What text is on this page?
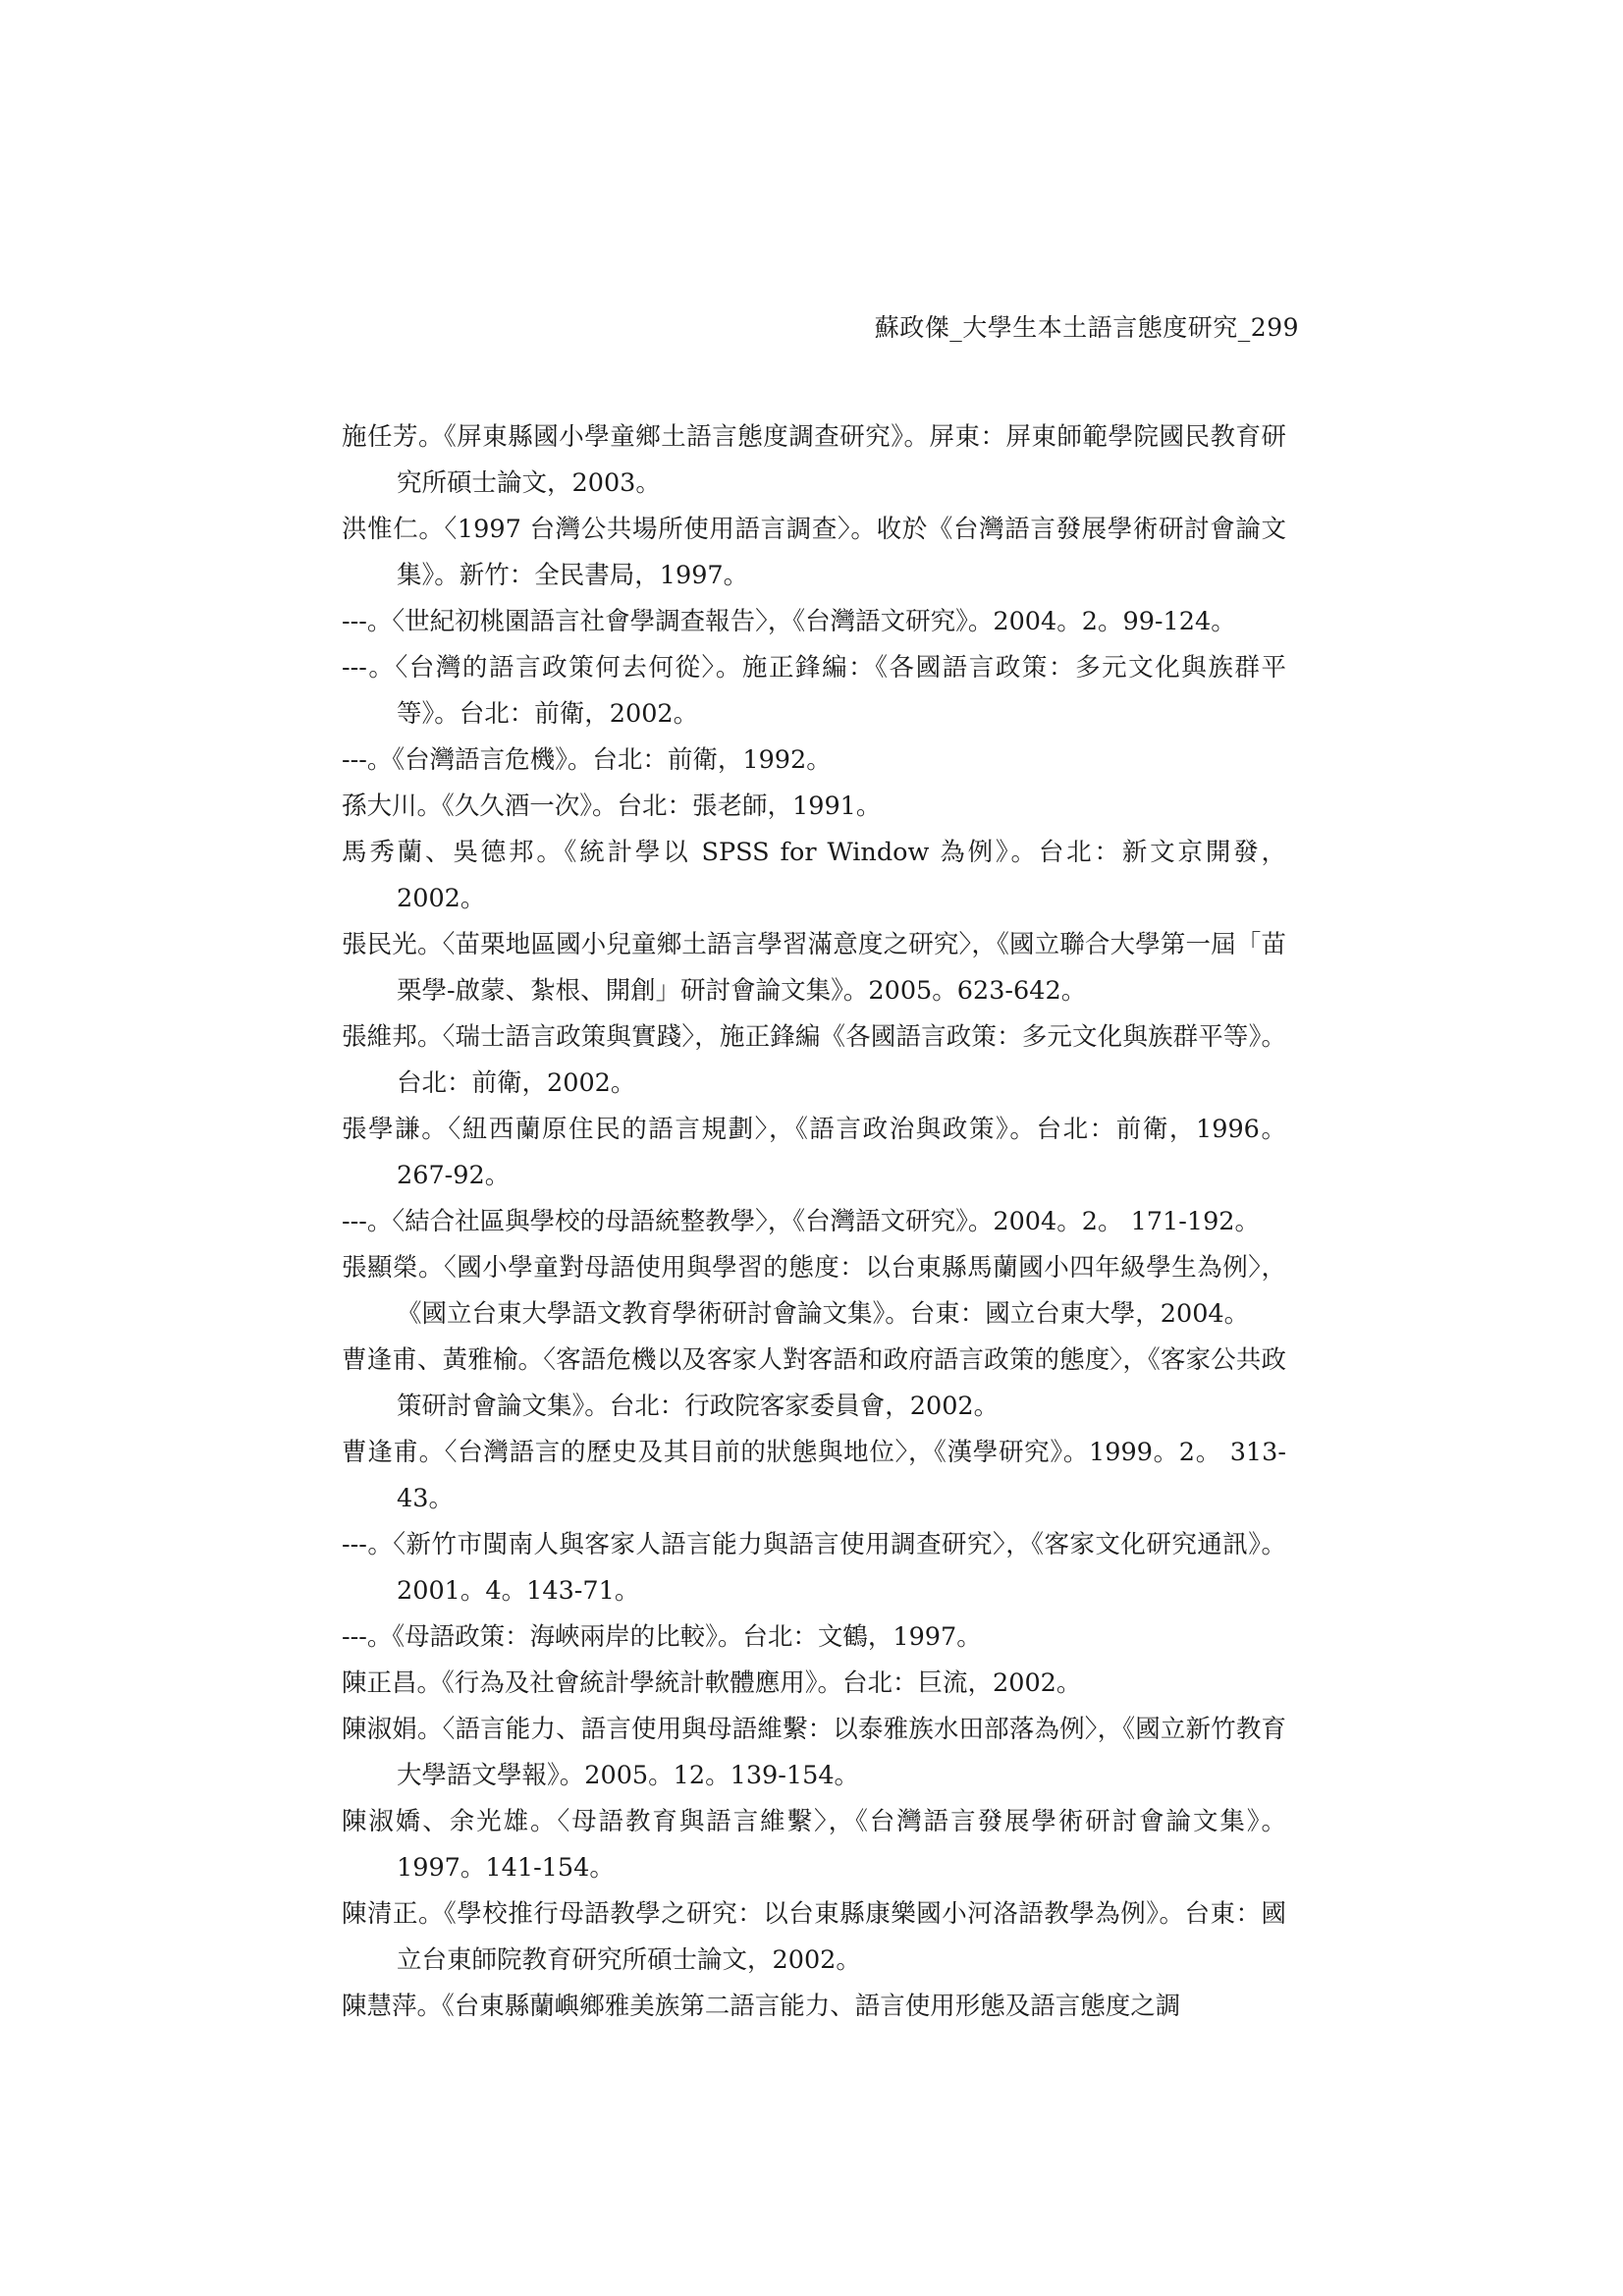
蘇政傑_大學生本土語言態度研究_299

施任芳。《屏東縣國小學童鄉土語言態度調查研究》。屏東：屏東師範學院國民教育研究所碩士論文，2003。

洪惟仁。〈1997 台灣公共場所使用語言調查〉。收於《台灣語言發展學術研討會論文集》。新竹：全民書局，1997。

---。〈世紀初桃園語言社會學調查報告〉，《台灣語文研究》。2004。2。99-124。

---。〈台灣的語言政策何去何從〉。施正鋒編：《各國語言政策：多元文化與族群平等》。台北：前衛，2002。

---。《台灣語言危機》。台北：前衛，1992。

孫大川。《久久酒一次》。台北：張老師，1991。

馬秀蘭、吳德邦。《統計學以 SPSS for Window 為例》。台北：新文京開發，2002。

張民光。〈苗栗地區國小兒童鄉土語言學習滿意度之研究〉，《國立聯合大學第一屆「苗栗學-啟蒙、紮根、開創」研討會論文集》。2005。623-642。

張維邦。〈瑞士語言政策與實踐〉，施正鋒編《各國語言政策：多元文化與族群平等》。台北：前衛，2002。

張學謙。〈紐西蘭原住民的語言規劃〉，《語言政治與政策》。台北：前衛，1996。267-92。

---。〈結合社區與學校的母語統整教學〉，《台灣語文研究》。2004。2。 171-192。

張顯榮。〈國小學童對母語使用與學習的態度：以台東縣馬蘭國小四年級學生為例〉，《國立台東大學語文教育學術研討會論文集》。台東：國立台東大學，2004。

曹逢甫、黃雅榆。〈客語危機以及客家人對客語和政府語言政策的態度〉，《客家公共政策研討會論文集》。台北：行政院客家委員會，2002。

曹逢甫。〈台灣語言的歷史及其目前的狀態與地位〉，《漢學研究》。1999。2。 313-43。

---。〈新竹市閩南人與客家人語言能力與語言使用調查研究〉，《客家文化研究通訊》。2001。4。143-71。

---。《母語政策：海峽兩岸的比較》。台北：文鶴，1997。

陳正昌。《行為及社會統計學統計軟體應用》。台北：巨流，2002。

陳淑娟。〈語言能力、語言使用與母語維繫：以泰雅族水田部落為例〉，《國立新竹教育大學語文學報》。2005。12。139-154。

陳淑嬌、余光雄。〈母語教育與語言維繫〉，《台灣語言發展學術研討會論文集》。1997。141-154。

陳清正。《學校推行母語教學之研究：以台東縣康樂國小河洛語教學為例》。台東：國立台東師院教育研究所碩士論文，2002。

陳慧萍。《台東縣蘭嶼鄉雅美族第二語言能力、語言使用形態及語言態度之調
